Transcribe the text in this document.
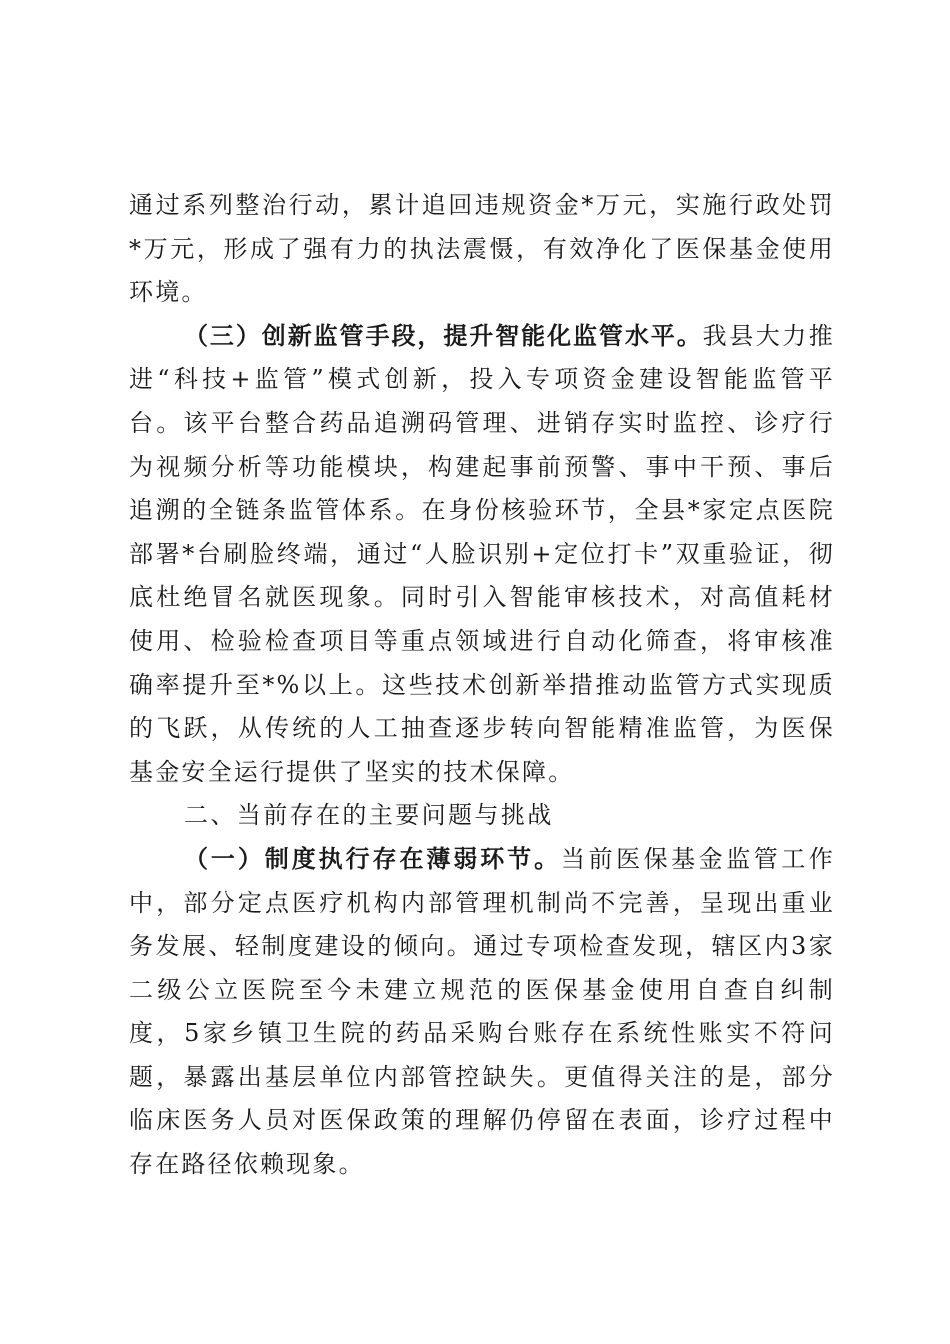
通过系列整治行动，累计追回违规资金*万元，实施行政处罚*万元，形成了强有力的执法震慑，有效净化了医保基金使用环境。

（三）创新监管手段，提升智能化监管水平。我县大力推进“科技+监管”模式创新，投入专项资金建设智能监管平台。该平台整合药品追溯码管理、进销存实时监控、诊疗行为视频分析等功能模块，构建起事前预警、事中干预、事后追溯的全链条监管体系。在身份核验环节，全县*家定点医院部署*台刷脸终端，通过“人脸识别+定位打卡”双重验证，彻底杜绝冒名就医现象。同时引入智能审核技术，对高值耗材使用、检验检查项目等重点领域进行自动化筛查，将审核准确率提升至*%以上。这些技术创新举措推动监管方式实现质的飞跃，从传统的人工抽查逐步转向智能精准监管，为医保基金安全运行提供了坚实的技术保障。

二、当前存在的主要问题与挑战

（一）制度执行存在薄弱环节。当前医保基金监管工作中，部分定点医疗机构内部管理机制尚不完善，呈现出重业务发展、轻制度建设的倾向。通过专项检查发现，辖区内3家二级公立医院至今未建立规范的医保基金使用自查自纠制度，5家乡镇卫生院的药品采购台账存在系统性账实不符问题，暴露出基层单位内部管控缺失。更值得关注的是，部分临床医务人员对医保政策的理解仍停留在表面，诊疗过程中存在路径依赖现象。
